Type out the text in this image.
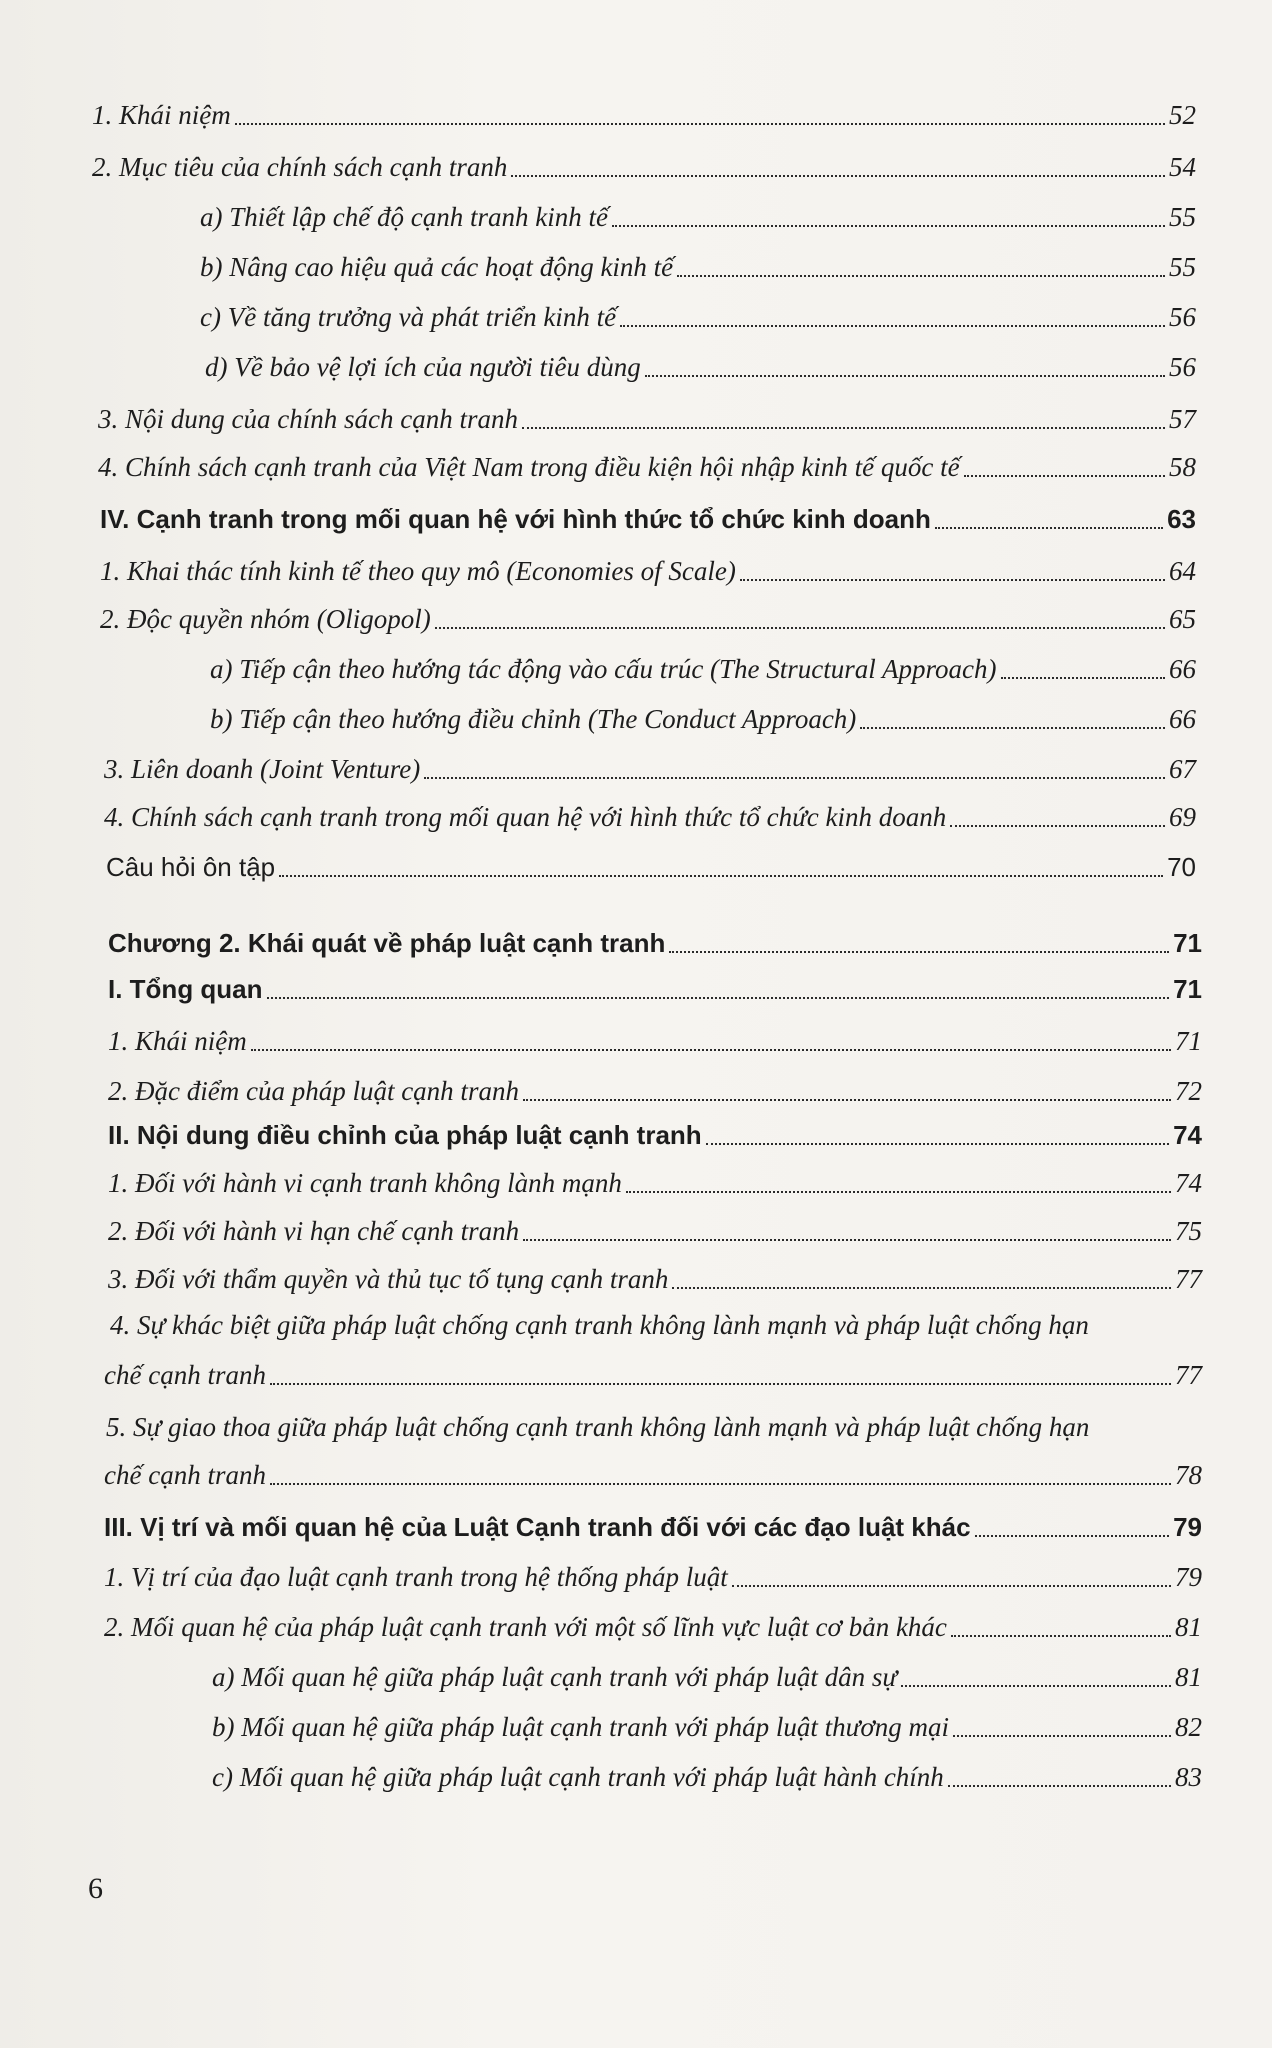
1. Khái niệm	52
2. Mục tiêu của chính sách cạnh tranh	54
a) Thiết lập chế độ cạnh tranh kinh tế	55
b) Nâng cao hiệu quả các hoạt động kinh tế	55
c) Về tăng trưởng và phát triển kinh tế	56
d) Về bảo vệ lợi ích của người tiêu dùng	56
3. Nội dung của chính sách cạnh tranh	57
4. Chính sách cạnh tranh của Việt Nam trong điều kiện hội nhập kinh tế quốc tế	58
IV. Cạnh tranh trong mối quan hệ với hình thức tổ chức kinh doanh	63
1. Khai thác tính kinh tế theo quy mô (Economies of Scale)	64
2. Độc quyền nhóm (Oligopol)	65
a) Tiếp cận theo hướng tác động vào cấu trúc (The Structural Approach)	66
b) Tiếp cận theo hướng điều chỉnh (The Conduct Approach)	66
3. Liên doanh (Joint Venture)	67
4. Chính sách cạnh tranh trong mối quan hệ với hình thức tổ chức kinh doanh	69
Câu hỏi ôn tập	70
Chương 2. Khái quát về pháp luật cạnh tranh	71
I. Tổng quan	71
1. Khái niệm	71
2. Đặc điểm của pháp luật cạnh tranh	72
II. Nội dung điều chỉnh của pháp luật cạnh tranh	74
1. Đối với hành vi cạnh tranh không lành mạnh	74
2. Đối với hành vi hạn chế cạnh tranh	75
3. Đối với thẩm quyền và thủ tục tố tụng cạnh tranh	77
4. Sự khác biệt giữa pháp luật chống cạnh tranh không lành mạnh và pháp luật chống hạn
chế cạnh tranh	77
5. Sự giao thoa giữa pháp luật chống cạnh tranh không lành mạnh và pháp luật chống hạn
chế cạnh tranh	78
III. Vị trí và mối quan hệ của Luật Cạnh tranh đối với các đạo luật khác	79
1. Vị trí của đạo luật cạnh tranh trong hệ thống pháp luật	79
2. Mối quan hệ của pháp luật cạnh tranh với một số lĩnh vực luật cơ bản khác	81
a) Mối quan hệ giữa pháp luật cạnh tranh với pháp luật dân sự	81
b) Mối quan hệ giữa pháp luật cạnh tranh với pháp luật thương mại	82
c) Mối quan hệ giữa pháp luật cạnh tranh với pháp luật hành chính	83
6
